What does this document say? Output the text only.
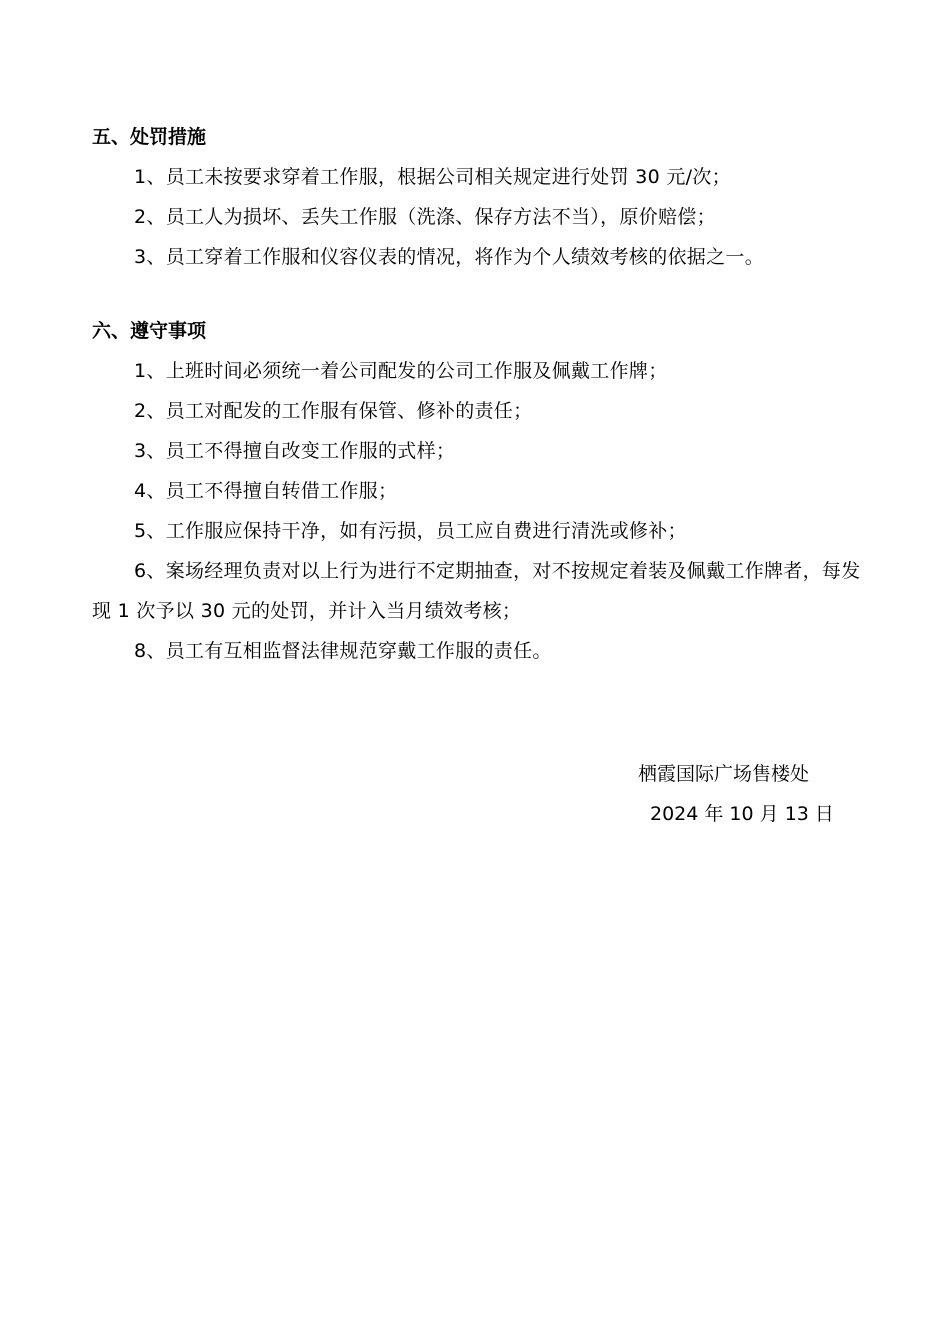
五、处罚措施
1、员工未按要求穿着工作服，根据公司相关规定进行处罚 30 元/次；
2、员工人为损坏、丢失工作服（洗涤、保存方法不当），原价赔偿；
3、员工穿着工作服和仪容仪表的情况，将作为个人绩效考核的依据之一。
六、遵守事项
1、上班时间必须统一着公司配发的公司工作服及佩戴工作牌；
2、员工对配发的工作服有保管、修补的责任；
3、员工不得擅自改变工作服的式样；
4、员工不得擅自转借工作服；
5、工作服应保持干净，如有污损，员工应自费进行清洗或修补；
6、案场经理负责对以上行为进行不定期抽查，对不按规定着装及佩戴工作牌者，每发现 1 次予以 30 元的处罚，并计入当月绩效考核；
8、员工有互相监督法律规范穿戴工作服的责任。
栖霞国际广场售楼处
2024 年 10 月 13 日
